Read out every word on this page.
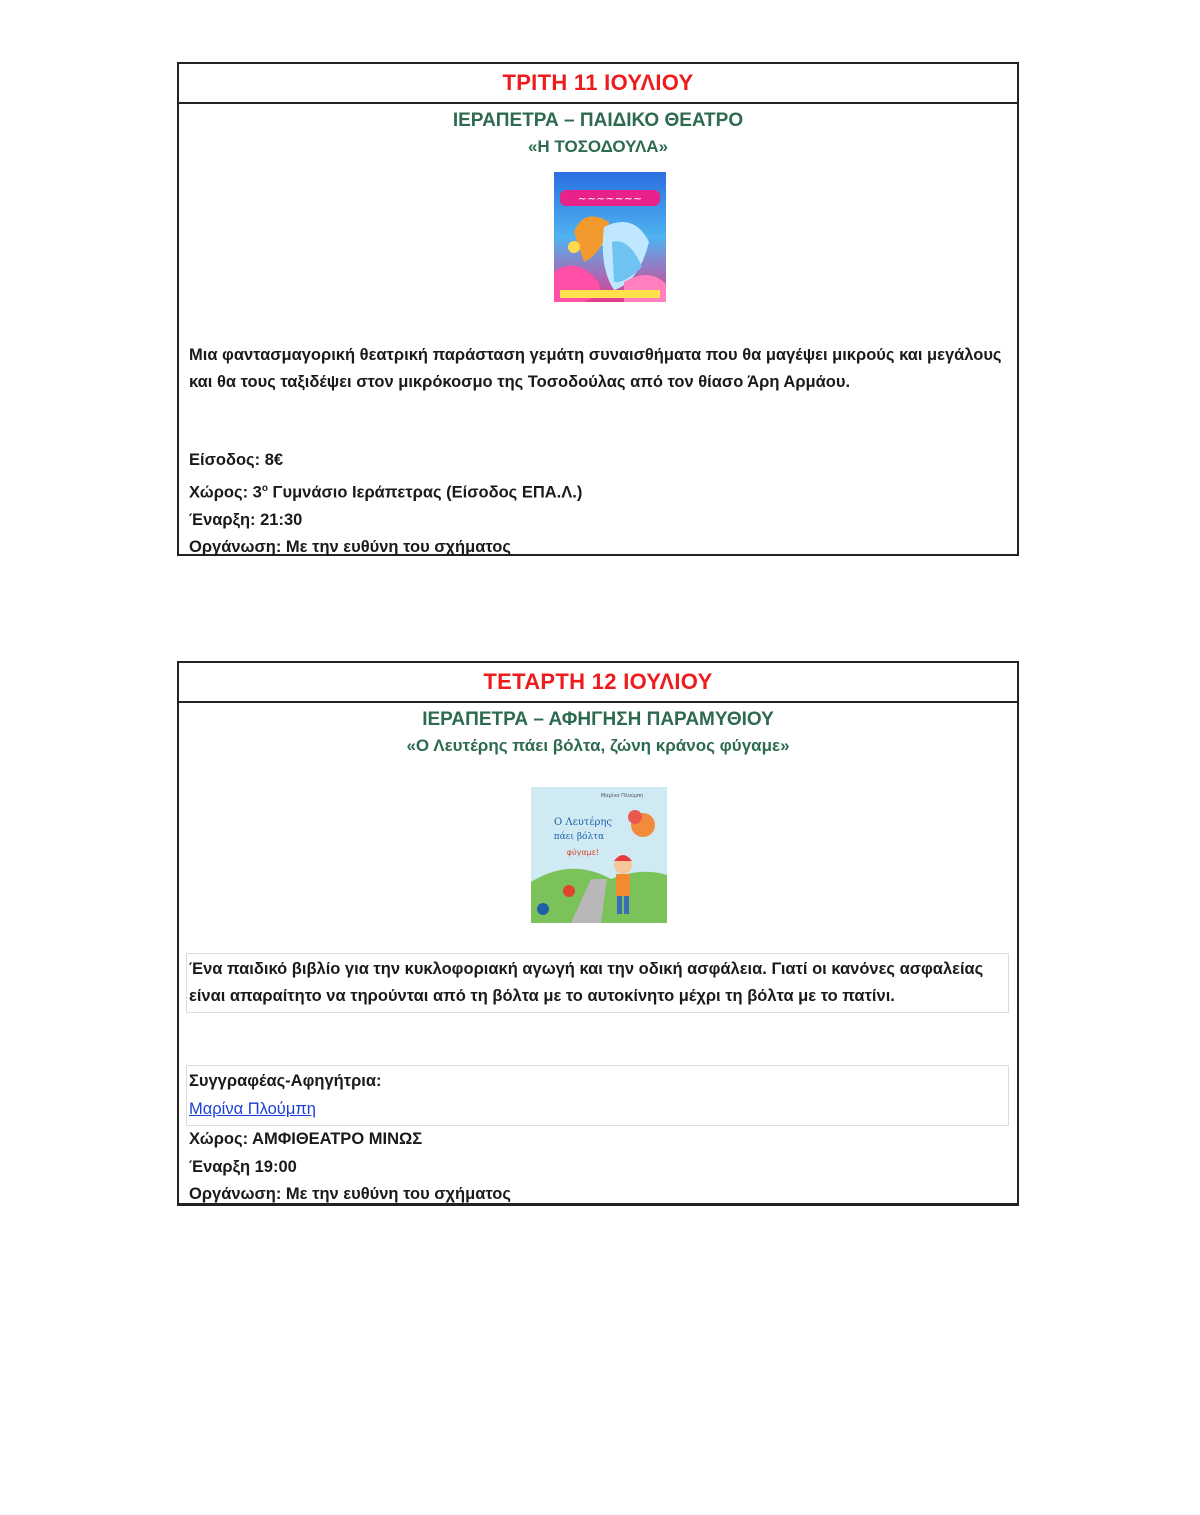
ΤΡΙΤΗ 11 ΙΟΥΛΙΟΥ
ΙΕΡΑΠΕΤΡΑ – ΠΑΙΔΙΚΟ ΘΕΑΤΡΟ
«Η ΤΟΣΟΔΟΥΛΑ»
~~~~~~~
Μια φαντασμαγορική θεατρική παράσταση γεμάτη συναισθήματα που θα μαγέψει μικρούς και μεγάλους και θα τους ταξιδέψει στον μικρόκοσμο της Τοσοδούλας από τον θίασο Άρη Αρμάου.
Είσοδος: 8€
Χώρος: $3^o$ Γυμνάσιο Ιεράπετρας (Είσοδος ΕΠΑ.Λ.)
Έναρξη: 21:30
Οργάνωση: Με την ευθύνη του σχήματος
ΤΕΤΑΡΤΗ 12 ΙΟΥΛΙΟΥ
ΙΕΡΑΠΕΤΡΑ – ΑΦΗΓΗΣΗ ΠΑΡΑΜΥΘΙΟΥ
«Ο Λευτέρης πάει βόλτα, ζώνη κράνος φύγαμε»
Ο Λευτέρης
πάει βόλτα
φύγαμε!
Μαρίνα Πλούμπη
Ένα παιδικό βιβλίο για την κυκλοφοριακή αγωγή και την οδική ασφάλεια. Γιατί οι κανόνες ασφαλείας είναι απαραίτητο να τηρούνται από τη βόλτα με το αυτοκίνητο μέχρι τη βόλτα με το πατίνι.
Συγγραφέας-Αφηγήτρια:
Μαρίνα Πλούμπη
Χώρος: ΑΜΦΙΘΕΑΤΡΟ ΜΙΝΩΣ
Έναρξη 19:00
Οργάνωση: Με την ευθύνη του σχήματος
